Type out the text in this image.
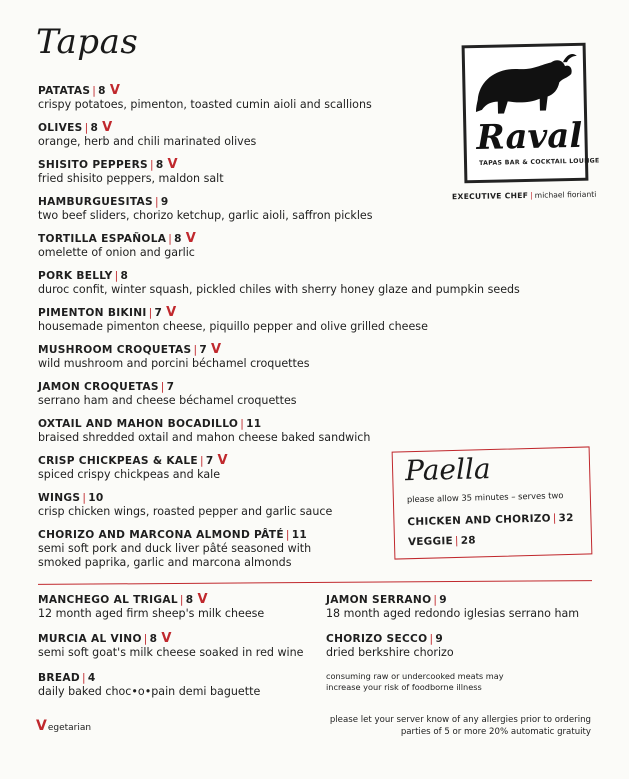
Tapas
PATATAS | 8 V
crispy potatoes, pimenton, toasted cumin aioli and scallions
OLIVES | 8 V
orange, herb and chili marinated olives
SHISITO PEPPERS | 8 V
fried shisito peppers, maldon salt
HAMBURGUESITAS | 9
two beef sliders, chorizo ketchup, garlic aioli, saffron pickles
TORTILLA ESPAÑOLA | 8 V
omelette of onion and garlic
PORK BELLY | 8
duroc confit, winter squash, pickled chiles with sherry honey glaze and pumpkin seeds
PIMENTON BIKINI | 7 V
housemade pimenton cheese, piquillo pepper and olive grilled cheese
MUSHROOM CROQUETAS | 7 V
wild mushroom and porcini béchamel croquettes
JAMON CROQUETAS | 7
serrano ham and cheese béchamel croquettes
OXTAIL AND MAHON BOCADILLO | 11
braised shredded oxtail and mahon cheese baked sandwich
CRISP CHICKPEAS & KALE | 7 V
spiced crispy chickpeas and kale
WINGS | 10
crisp chicken wings, roasted pepper and garlic sauce
CHORIZO AND MARCONA ALMOND PÂTÉ | 11
semi soft pork and duck liver pâté seasoned with
smoked paprika, garlic and marcona almonds

Raval

TAPAS BAR & COCKTAIL LOUNGE
EXECUTIVE CHEF | michael fiorianti

Paella

please allow 35 minutes – serves two
CHICKEN AND CHORIZO | 32
VEGGIE | 28
MANCHEGO AL TRIGAL | 8 V
12 month aged firm sheep's milk cheese
MURCIA AL VINO | 8 V
semi soft goat's milk cheese soaked in red wine
BREAD | 4
daily baked choc•o•pain demi baguette
JAMON SERRANO | 9
18 month aged redondo iglesias serrano ham
CHORIZO SECCO | 9
dried berkshire chorizo
consuming raw or undercooked meats may increase your risk of foodborne illness
Vegetarian
please let your server know of any allergies prior to ordering
parties of 5 or more 20% automatic gratuity
